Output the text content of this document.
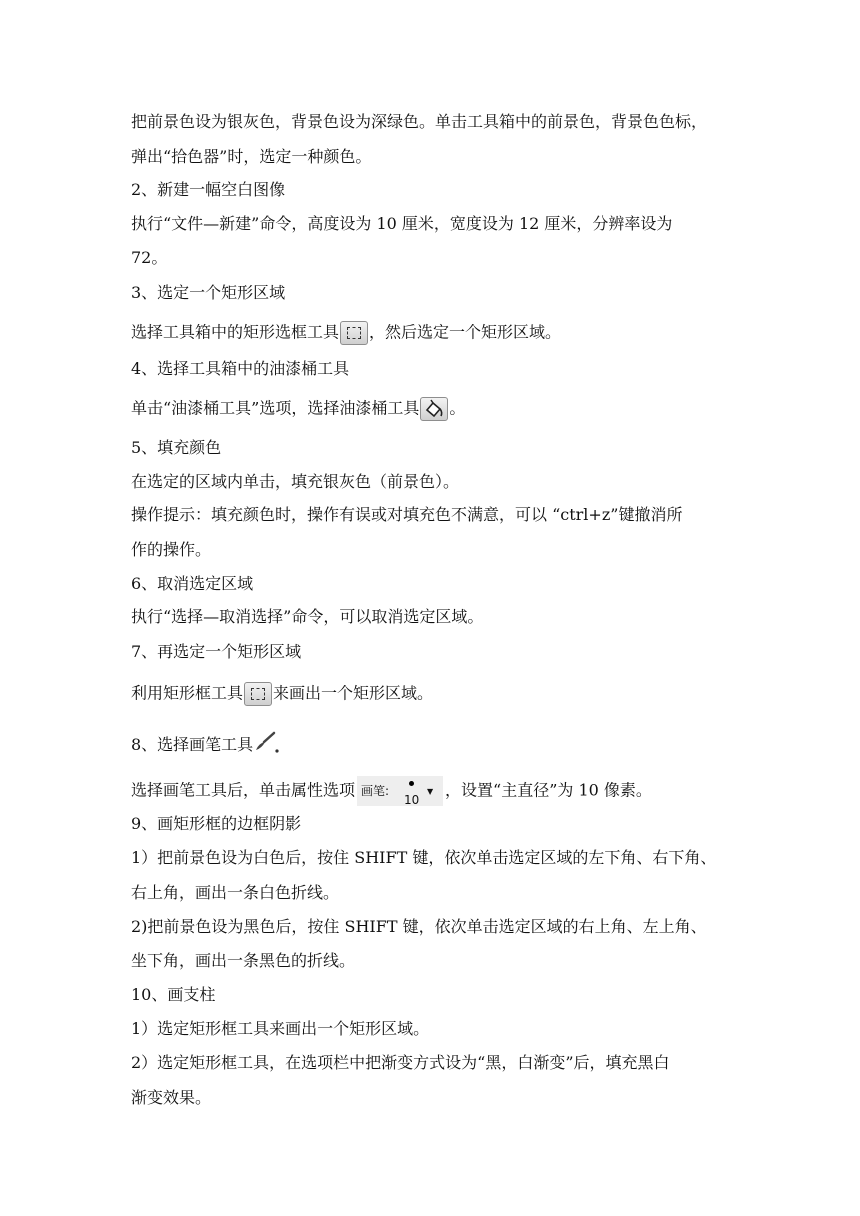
把前景色设为银灰色，背景色设为深绿色。单击工具箱中的前景色，背景色色标，
弹出“拾色器”时，选定一种颜色。
2、新建一幅空白图像
执行“文件—新建”命令，高度设为 10 厘米，宽度设为 12 厘米，分辨率设为
72。
3、选定一个矩形区域
选择工具箱中的矩形选框工具 ，然后选定一个矩形区域。
4、选择工具箱中的油漆桶工具
单击“油漆桶工具”选项，选择油漆桶工具 。
5、填充颜色
在选定的区域内单击，填充银灰色（前景色）。
操作提示：填充颜色时，操作有误或对填充色不满意，可以 “ctrl+z”键撤消所
作的操作。
6、取消选定区域
执行“选择—取消选择”命令，可以取消选定区域。
7、再选定一个矩形区域
利用矩形框工具 来画出一个矩形区域。
8、选择画笔工具
选择画笔工具后，单击属性选项 画笔:
10
▼ ，设置“主直径”为 10 像素。
9、画矩形框的边框阴影
1）把前景色设为白色后，按住 SHIFT 键，依次单击选定区域的左下角、右下角、
右上角，画出一条白色折线。
2)把前景色设为黑色后，按住 SHIFT 键，依次单击选定区域的右上角、左上角、
坐下角，画出一条黑色的折线。
10、画支柱
1）选定矩形框工具来画出一个矩形区域。
2）选定矩形框工具，在选项栏中把渐变方式设为“黑，白渐变”后，填充黑白
渐变效果。
